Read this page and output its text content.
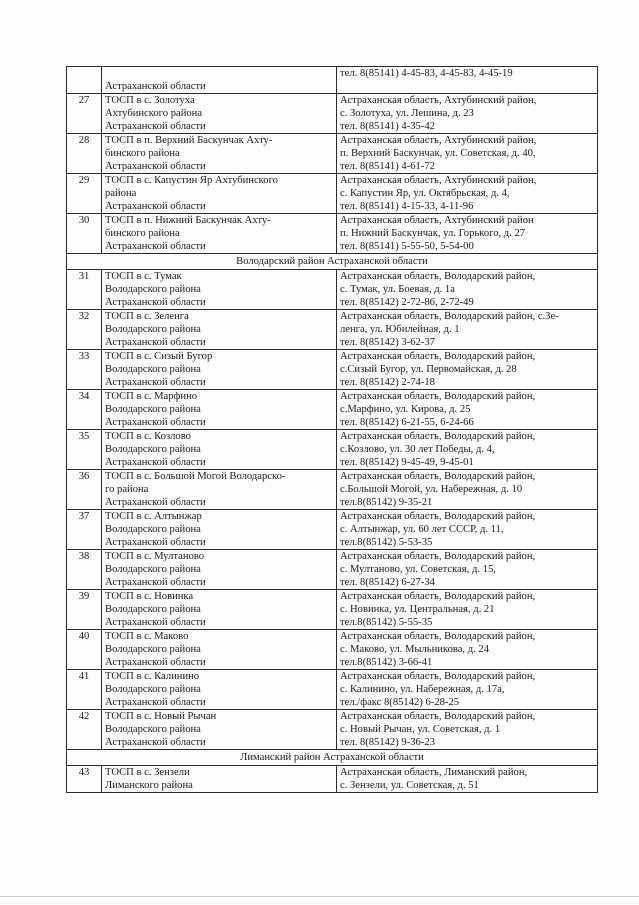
	Астраханской области	тел. 8(85141) 4-45-83, 4-45-83, 4-45-19

27	ТОСП в с. Золотуха
Ахтубинского района
Астраханской области	Астраханская область, Ахтубинский район,
с. Золотуха, ул. Лешина, д. 23
тел. 8(85141) 4-35-42

28	ТОСП в п. Верхний Баскунчак Ахту-
бинского района
Астраханской области	Астраханская область, Ахтубинский район,
п. Верхний Баскунчак, ул. Советская, д. 40,
тел. 8(85141) 4-61-72

29	ТОСП в с. Капустин Яр Ахтубинского
района
Астраханской области	Астраханская область, Ахтубинский район,
с. Капустин Яр, ул. Октябрьская, д. 4,
тел. 8(85141) 4-15-33, 4-11-96

30	ТОСП в п. Нижний Баскунчак Ахту-
бинского района
Астраханской области	Астраханская область, Ахтубинский район
п. Нижний Баскунчак, ул. Горького, д. 27
тел. 8(85141) 5-55-50, 5-54-00

Володарский район Астраханской области		
31	ТОСП в с. Тумак
Володарского района
Астраханской области	Астраханская область, Володарский район,
с. Тумак, ул. Боевая, д. 1а
тел. 8(85142) 2-72-86, 2-72-49

32	ТОСП в с. Зеленга
Володарского района
Астраханской области	Астраханская область, Володарский район, с.Зе-
ленга, ул. Юбилейная, д. 1
тел. 8(85142) 3-62-37

33	ТОСП в с. Сизый Бугор
Володарского района
Астраханской области	Астраханская область, Володарский район,
с.Сизый Бугор, ул. Первомайская, д. 28
тел. 8(85142) 2-74-18

34	ТОСП в с. Марфино
Володарского района
Астраханской области	Астраханская область, Володарский район,
с.Марфино, ул. Кирова, д. 25
тел. 8(85142) 6-21-55, 6-24-66

35	ТОСП в с. Козлово
Володарского района
Астраханской области	Астраханская область, Володарский район,
с.Козлово, ул. 30 лет Победы, д. 4,
тел. 8(85142) 9-45-49, 9-45-01

36	ТОСП в с. Большой Могой Володарско-
го района
Астраханской области	Астраханская область, Володарский район,
с.Большой Могой, ул. Набережная, д. 10
тел.8(85142) 9-35-21

37	ТОСП в с. Алтынжар
Володарского района
Астраханской области	Астраханская область, Володарский район,
с. Алтынжар, ул. 60 лет СССР, д. 11,
тел.8(85142) 5-53-35

38	ТОСП в с. Мултаново
Володарского района
Астраханской области	Астраханская область, Володарский район,
с. Мултаново, ул. Советская, д. 15,
тел. 8(85142) 6-27-34

39	ТОСП в с. Новинка
Володарского района
Астраханской области	Астраханская область, Володарский район,
с. Новинка, ул. Центральная, д. 21
тел.8(85142) 5-55-35

40	ТОСП в с. Маково
Володарского района
Астраханской области	Астраханская область, Володарский район,
с. Маково, ул. Мыльникова, д. 24
тел.8(85142) 3-66-41

41	ТОСП в с. Калинино
Володарского района
Астраханской области	Астраханская область, Володарский район,
с. Калинино, ул. Набережная, д. 17а,
тел./факс 8(85142) 6-28-25

42	ТОСП в с. Новый Рычан
Володарского района
Астраханской области	Астраханская область, Володарский район,
с. Новый Рычан, ул. Советская, д. 1
тел. 8(85142) 9-36-23

Лиманский район Астраханской области		
43	ТОСП в с. Зензели
Лиманского района	Астраханская область, Лиманский район,
с. Зензели, ул. Советская, д. 51
